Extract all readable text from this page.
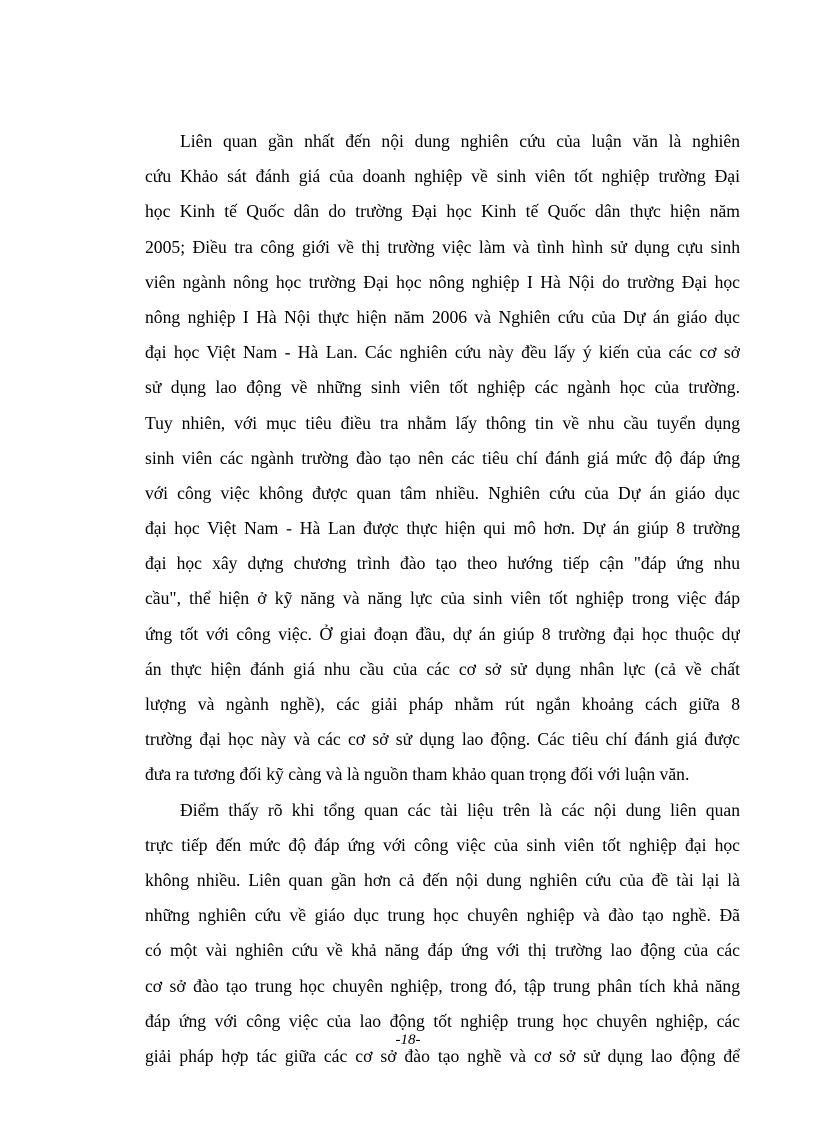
Liên quan gần nhất đến nội dung nghiên cứu của luận văn là nghiên
cứu Khảo sát đánh giá của doanh nghiệp về sinh viên tốt nghiệp trường Đại
học Kinh tế Quốc dân do trường Đại học Kinh tế Quốc dân thực hiện năm
2005; Điều tra công giới về thị trường việc làm và tình hình sử dụng cựu sinh
viên ngành nông học trường Đại học nông nghiệp I Hà Nội do trường Đại học
nông nghiệp I Hà Nội thực hiện năm 2006 và Nghiên cứu của Dự án giáo dục
đại học Việt Nam - Hà Lan. Các nghiên cứu này đều lấy ý kiến của các cơ sở
sử dụng lao động về những sinh viên tốt nghiệp các ngành học của trường.
Tuy nhiên, với mục tiêu điều tra nhằm lấy thông tin về nhu cầu tuyển dụng
sinh viên các ngành trường đào tạo nên các tiêu chí đánh giá mức độ đáp ứng
với công việc không được quan tâm nhiều. Nghiên cứu của Dự án giáo dục
đại học Việt Nam - Hà Lan được thực hiện qui mô hơn. Dự án giúp 8 trường
đại học xây dựng chương trình đào tạo theo hướng tiếp cận "đáp ứng nhu
cầu", thể hiện ở kỹ năng và năng lực của sinh viên tốt nghiệp trong việc đáp
ứng tốt với công việc. Ở giai đoạn đầu, dự án giúp 8 trường đại học thuộc dự
án thực hiện đánh giá nhu cầu của các cơ sở sử dụng nhân lực (cả về chất
lượng và ngành nghề), các giải pháp nhằm rút ngắn khoảng cách giữa 8
trường đại học này và các cơ sở sử dụng lao động. Các tiêu chí đánh giá được
đưa ra tương đối kỹ càng và là nguồn tham khảo quan trọng đối với luận văn.
Điểm thấy rõ khi tổng quan các tài liệu trên là các nội dung liên quan
trực tiếp đến mức độ đáp ứng với công việc của sinh viên tốt nghiệp đại học
không nhiều. Liên quan gần hơn cả đến nội dung nghiên cứu của đề tài lại là
những nghiên cứu về giáo dục trung học chuyên nghiệp và đào tạo nghề. Đã
có một vài nghiên cứu về khả năng đáp ứng với thị trường lao động của các
cơ sở đào tạo trung học chuyên nghiệp, trong đó, tập trung phân tích khả năng
đáp ứng với công việc của lao động tốt nghiệp trung học chuyên nghiệp, các
giải pháp hợp tác giữa các cơ sở đào tạo nghề và cơ sở sử dụng lao động để
-18-
